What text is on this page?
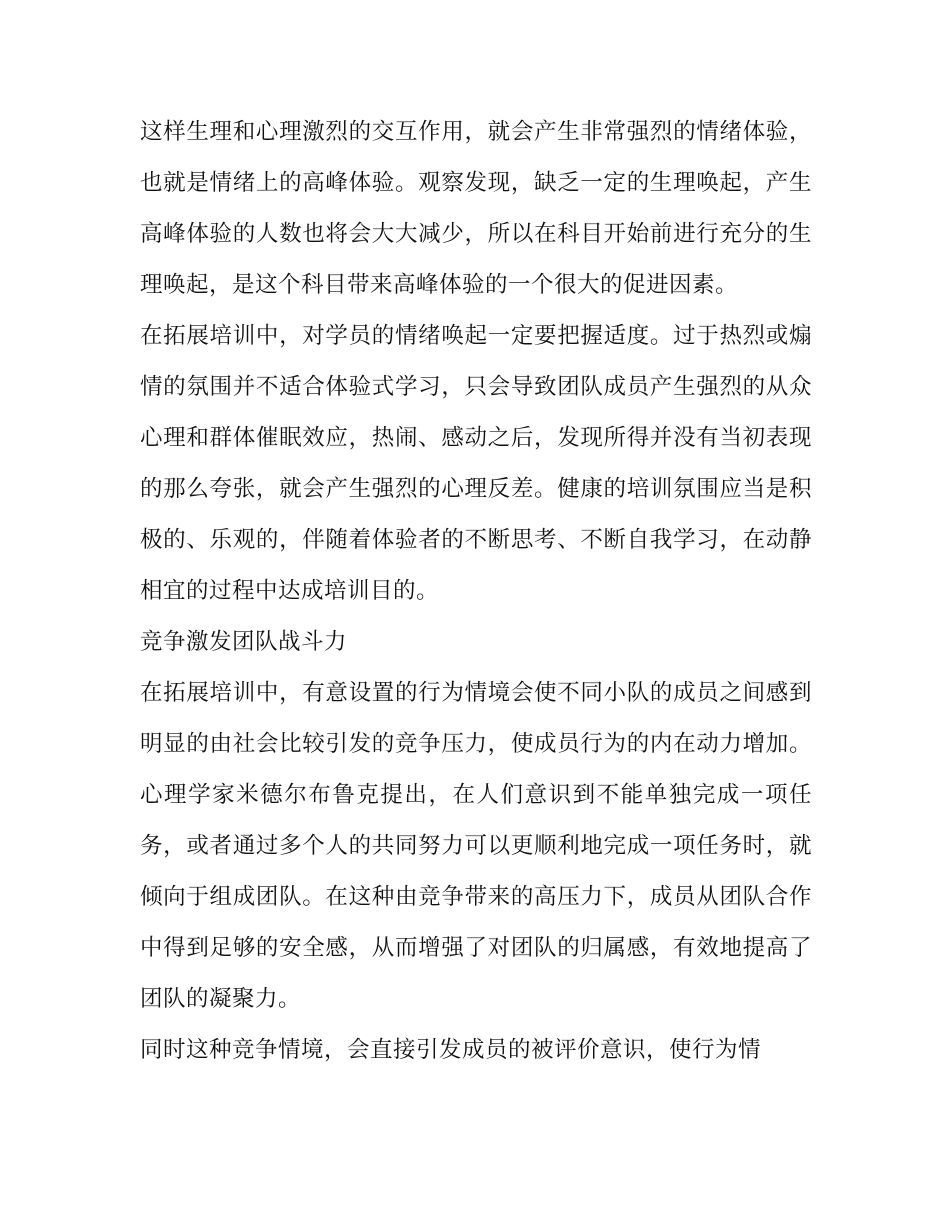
这样生理和心理激烈的交互作用，就会产生非常强烈的情绪体验，也就是情绪上的高峰体验。观察发现，缺乏一定的生理唤起，产生高峰体验的人数也将会大大减少，所以在科目开始前进行充分的生理唤起，是这个科目带来高峰体验的一个很大的促进因素。

在拓展培训中，对学员的情绪唤起一定要把握适度。过于热烈或煽情的氛围并不适合体验式学习，只会导致团队成员产生强烈的从众心理和群体催眠效应，热闹、感动之后，发现所得并没有当初表现的那么夸张，就会产生强烈的心理反差。健康的培训氛围应当是积极的、乐观的，伴随着体验者的不断思考、不断自我学习，在动静相宜的过程中达成培训目的。

竞争激发团队战斗力

在拓展培训中，有意设置的行为情境会使不同小队的成员之间感到明显的由社会比较引发的竞争压力，使成员行为的内在动力增加。心理学家米德尔布鲁克提出，在人们意识到不能单独完成一项任务，或者通过多个人的共同努力可以更顺利地完成一项任务时，就倾向于组成团队。在这种由竞争带来的高压力下，成员从团队合作中得到足够的安全感，从而增强了对团队的归属感，有效地提高了团队的凝聚力。

同时这种竞争情境，会直接引发成员的被评价意识，使行为情
